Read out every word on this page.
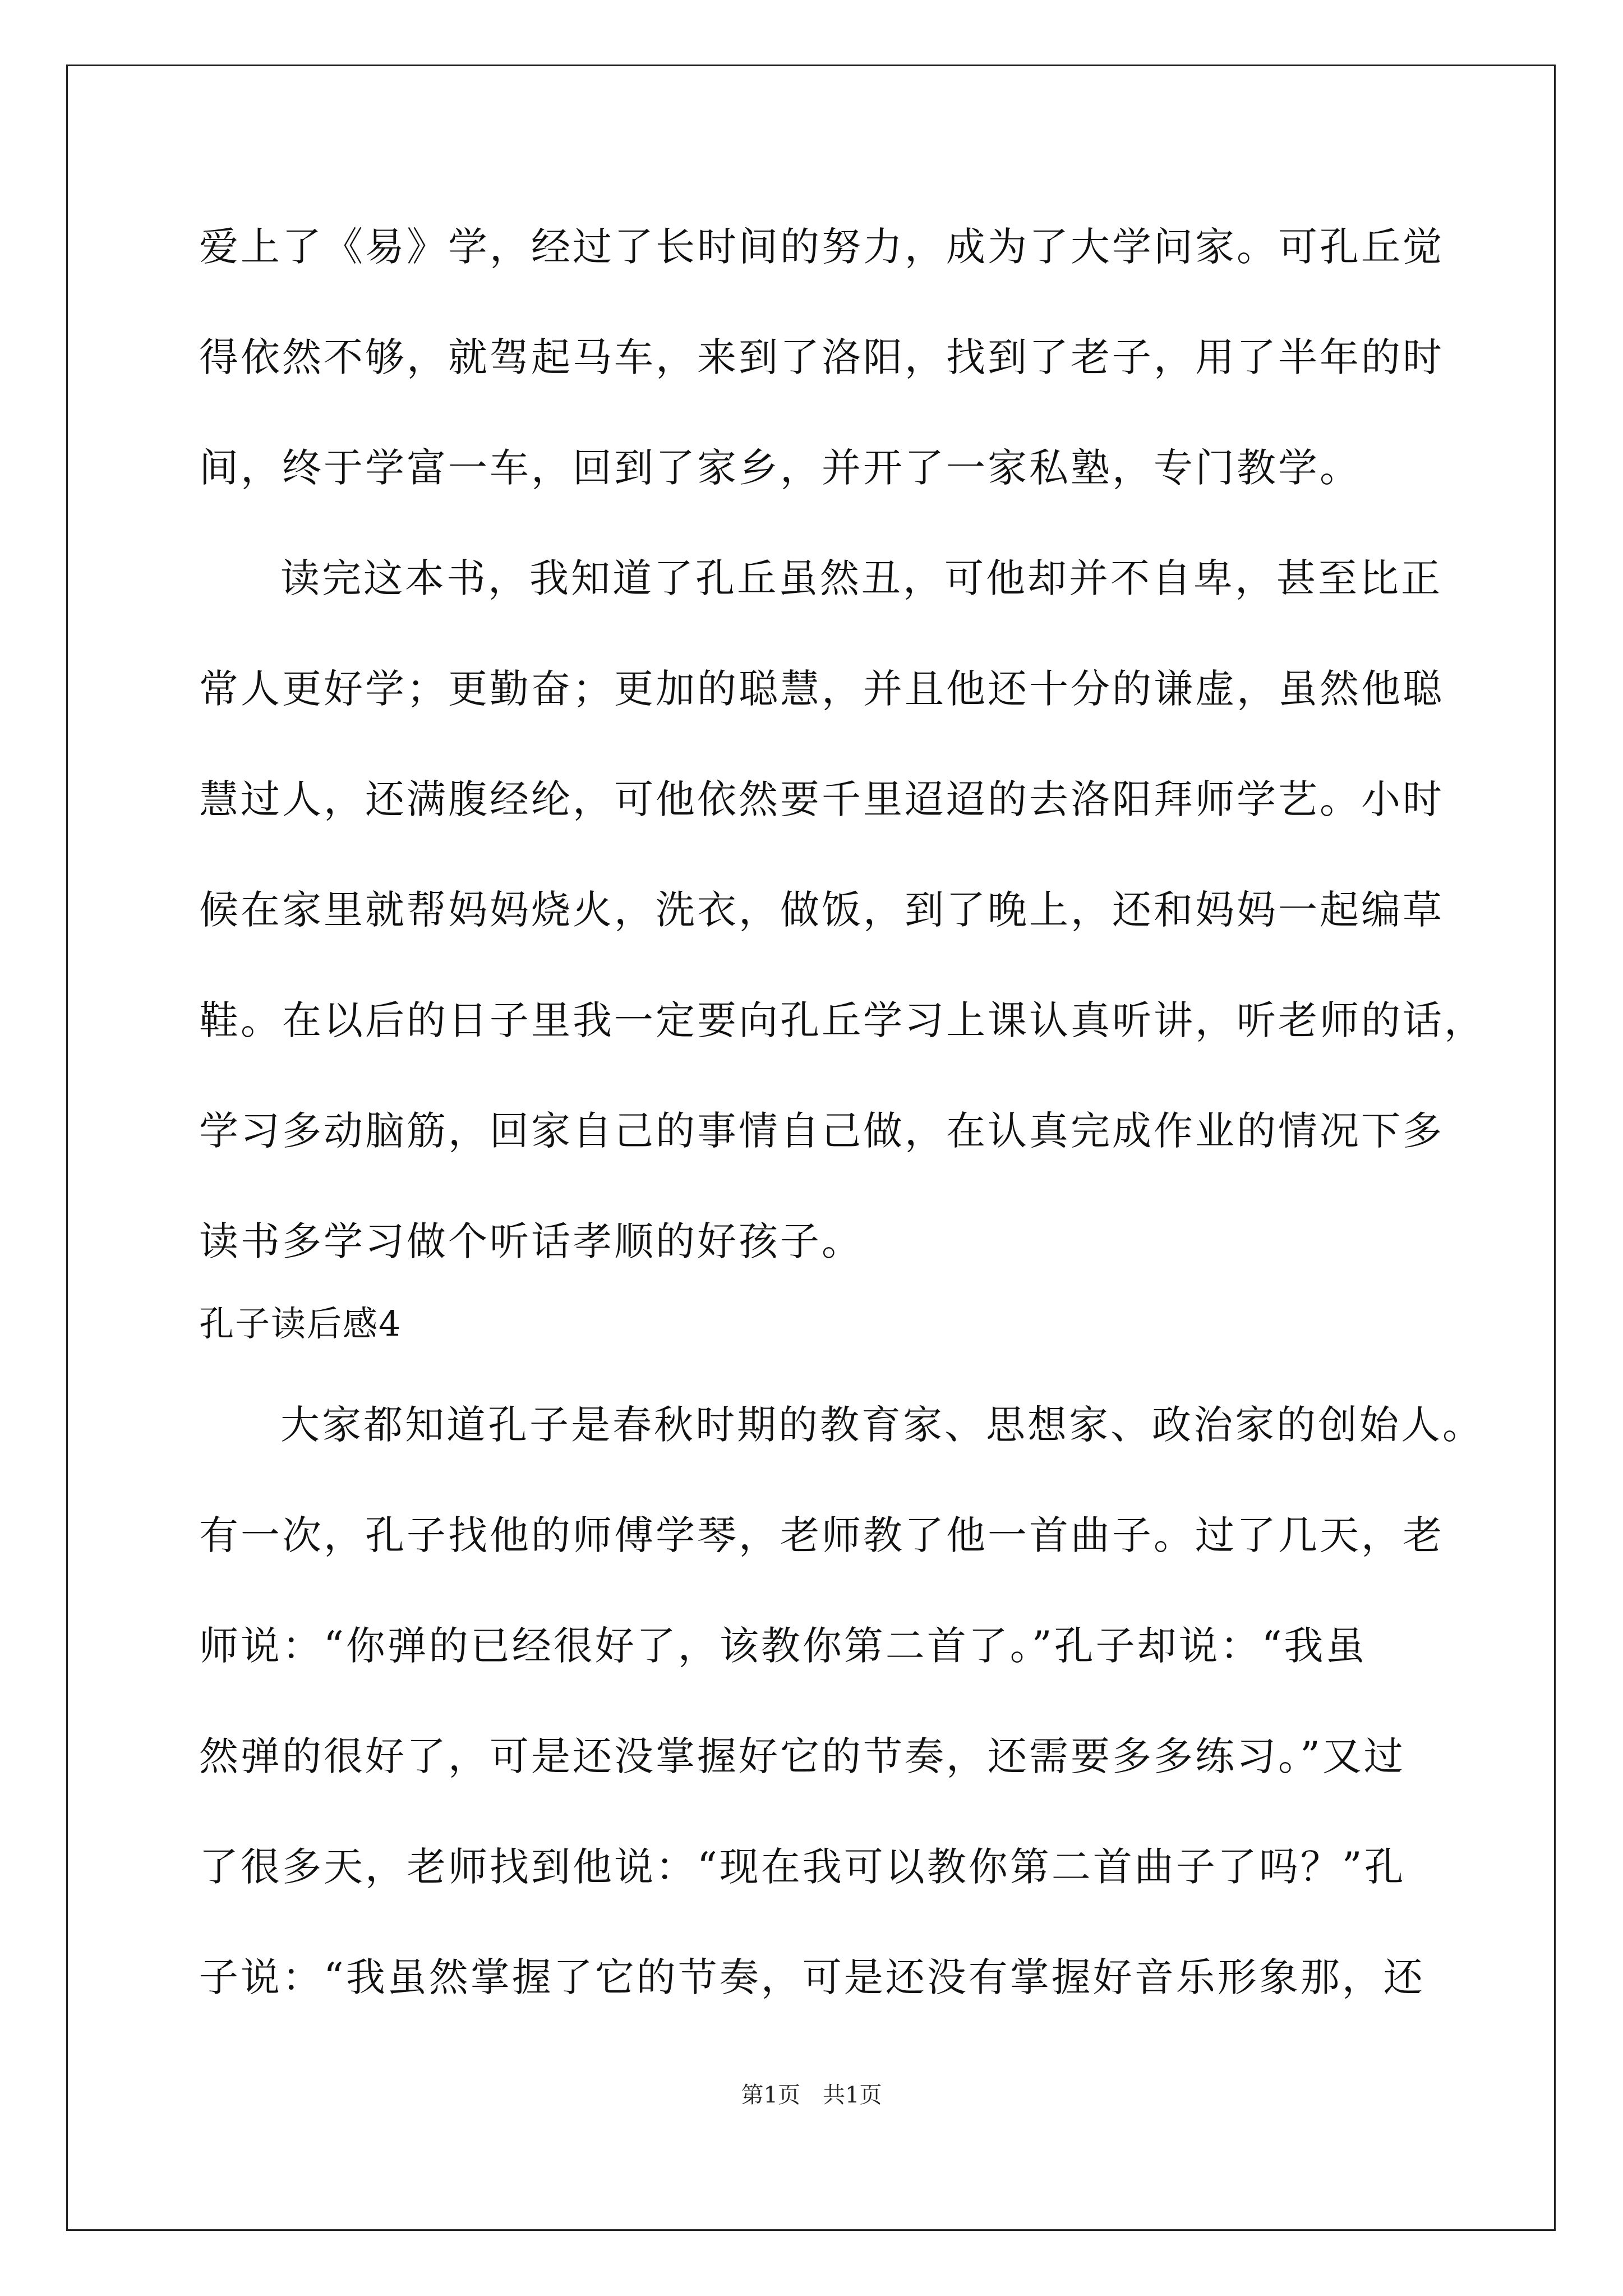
爱上了《易》学，经过了长时间的努力，成为了大学问家。可孔丘觉
得依然不够，就驾起马车，来到了洛阳，找到了老子，用了半年的时
间，终于学富一车，回到了家乡，并开了一家私塾，专门教学。
读完这本书，我知道了孔丘虽然丑，可他却并不自卑，甚至比正
常人更好学；更勤奋；更加的聪慧，并且他还十分的谦虚，虽然他聪
慧过人，还满腹经纶，可他依然要千里迢迢的去洛阳拜师学艺。小时
候在家里就帮妈妈烧火，洗衣，做饭，到了晚上，还和妈妈一起编草
鞋。在以后的日子里我一定要向孔丘学习上课认真听讲，听老师的话，
学习多动脑筋，回家自己的事情自己做，在认真完成作业的情况下多
读书多学习做个听话孝顺的好孩子。
孔子读后感4
大家都知道孔子是春秋时期的教育家、思想家、政治家的创始人。
有一次，孔子找他的师傅学琴，老师教了他一首曲子。过了几天，老
师说：“你弹的已经很好了，该教你第二首了。”孔子却说：“我虽
然弹的很好了，可是还没掌握好它的节奏，还需要多多练习。”又过
了很多天，老师找到他说：“现在我可以教你第二首曲子了吗？”孔
子说：“我虽然掌握了它的节奏，可是还没有掌握好音乐形象那，还
第1页　共1页
